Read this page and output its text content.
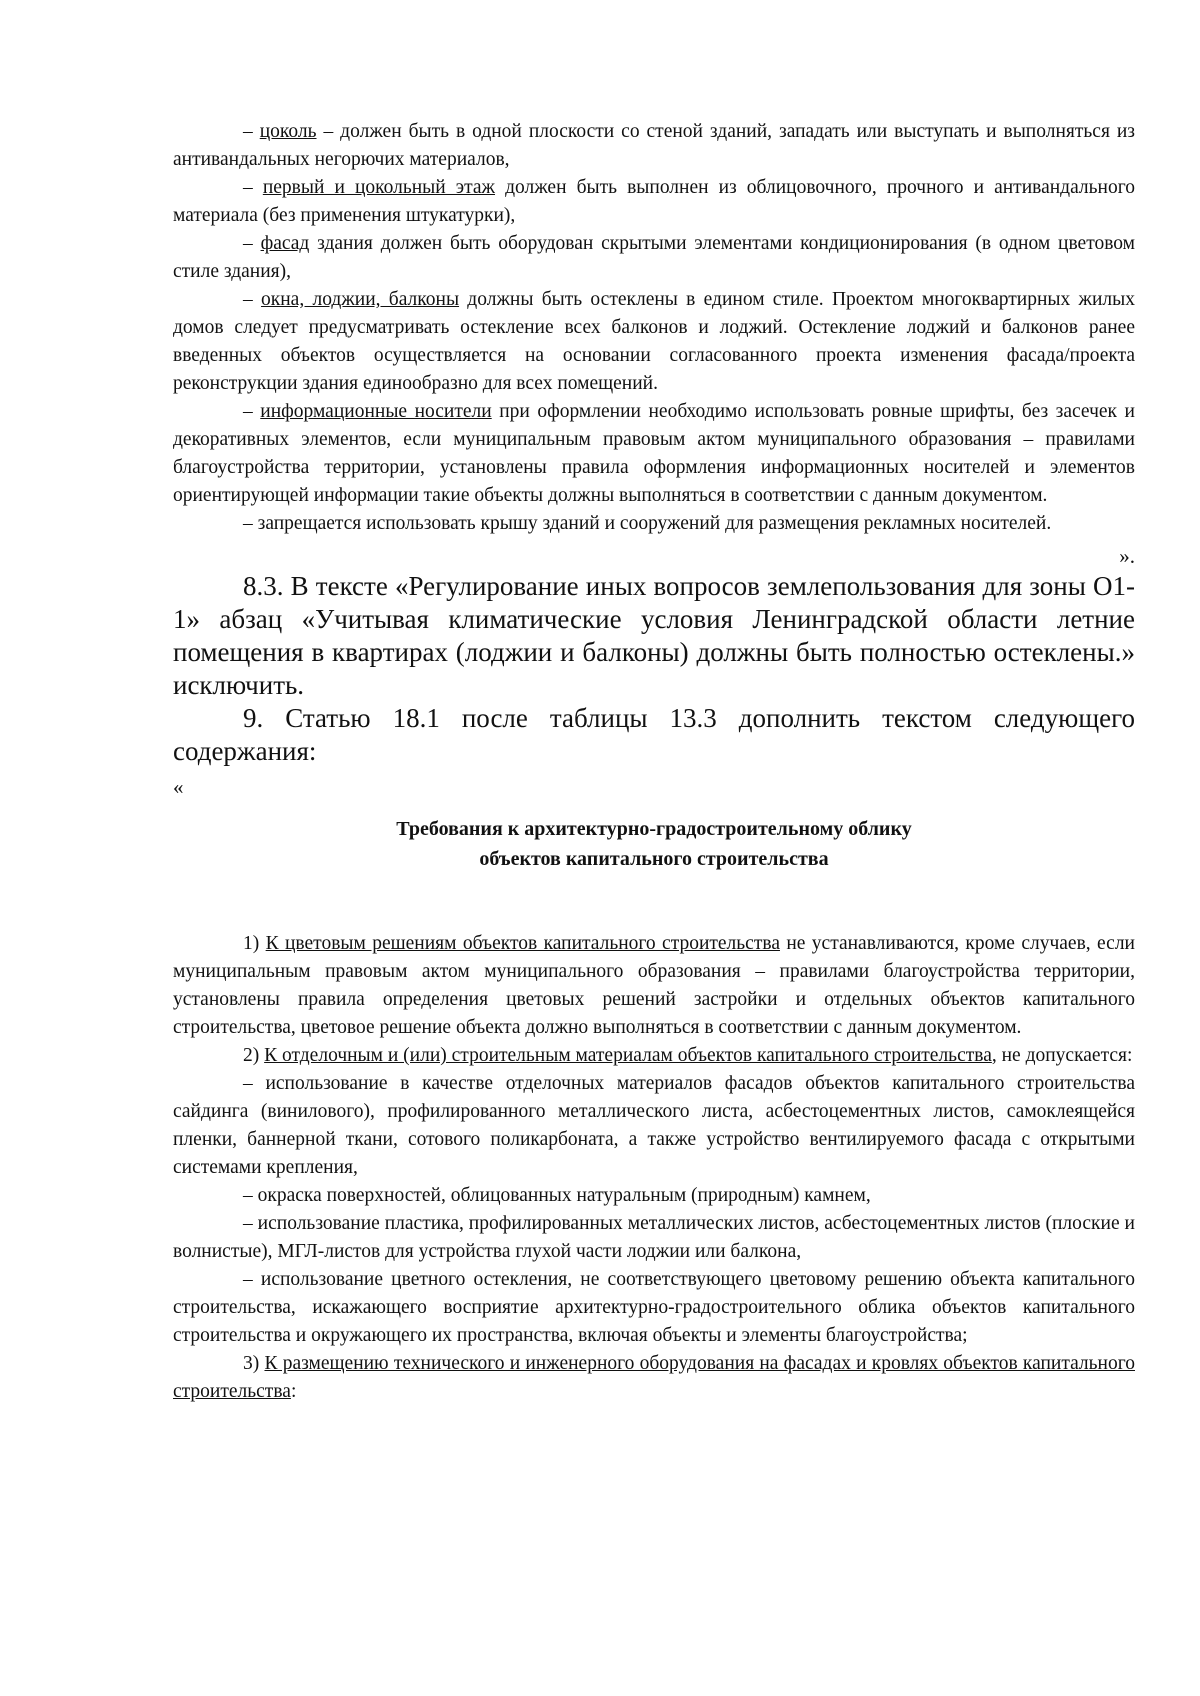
– цоколь – должен быть в одной плоскости со стеной зданий, западать или выступать и выполняться из антивандальных негорючих материалов,

– первый и цокольный этаж должен быть выполнен из облицовочного, прочного и антивандального материала (без применения штукатурки),

– фасад здания должен быть оборудован скрытыми элементами кондиционирования (в одном цветовом стиле здания),

– окна, лоджии, балконы должны быть остеклены в едином стиле. Проектом многоквартирных жилых домов следует предусматривать остекление всех балконов и лоджий. Остекление лоджий и балконов ранее введенных объектов осуществляется на основании согласованного проекта изменения фасада/проекта реконструкции здания единообразно для всех помещений.

– информационные носители при оформлении необходимо использовать ровные шрифты, без засечек и декоративных элементов, если муниципальным правовым актом муниципального образования – правилами благоустройства территории, установлены правила оформления информационных носителей и элементов ориентирующей информации такие объекты должны выполняться в соответствии с данным документом.

– запрещается использовать крышу зданий и сооружений для размещения рекламных носителей.

».

8.3. В тексте «Регулирование иных вопросов землепользования для зоны О1-1» абзац «Учитывая климатические условия Ленинградской области летние помещения в квартирах (лоджии и балконы) должны быть полностью остеклены.» исключить.

9. Статью 18.1 после таблицы 13.3 дополнить текстом следующего содержания:

«

Требования к архитектурно-градостроительному облику
объектов капитального строительства

1) К цветовым решениям объектов капитального строительства не устанавливаются, кроме случаев, если муниципальным правовым актом муниципального образования – правилами благоустройства территории, установлены правила определения цветовых решений застройки и отдельных объектов капитального строительства, цветовое решение объекта должно выполняться в соответствии с данным документом.

2) К отделочным и (или) строительным материалам объектов капитального строительства, не допускается:

– использование в качестве отделочных материалов фасадов объектов капитального строительства сайдинга (винилового), профилированного металлического листа, асбестоцементных листов, самоклеящейся пленки, баннерной ткани, сотового поликарбоната, а также устройство вентилируемого фасада с открытыми системами крепления,

– окраска поверхностей, облицованных натуральным (природным) камнем,

– использование пластика, профилированных металлических листов, асбестоцементных листов (плоские и волнистые), МГЛ-листов для устройства глухой части лоджии или балкона,

– использование цветного остекления, не соответствующего цветовому решению объекта капитального строительства, искажающего восприятие архитектурно-градостроительного облика объектов капитального строительства и окружающего их пространства, включая объекты и элементы благоустройства;

3) К размещению технического и инженерного оборудования на фасадах и кровлях объектов капитального строительства:
